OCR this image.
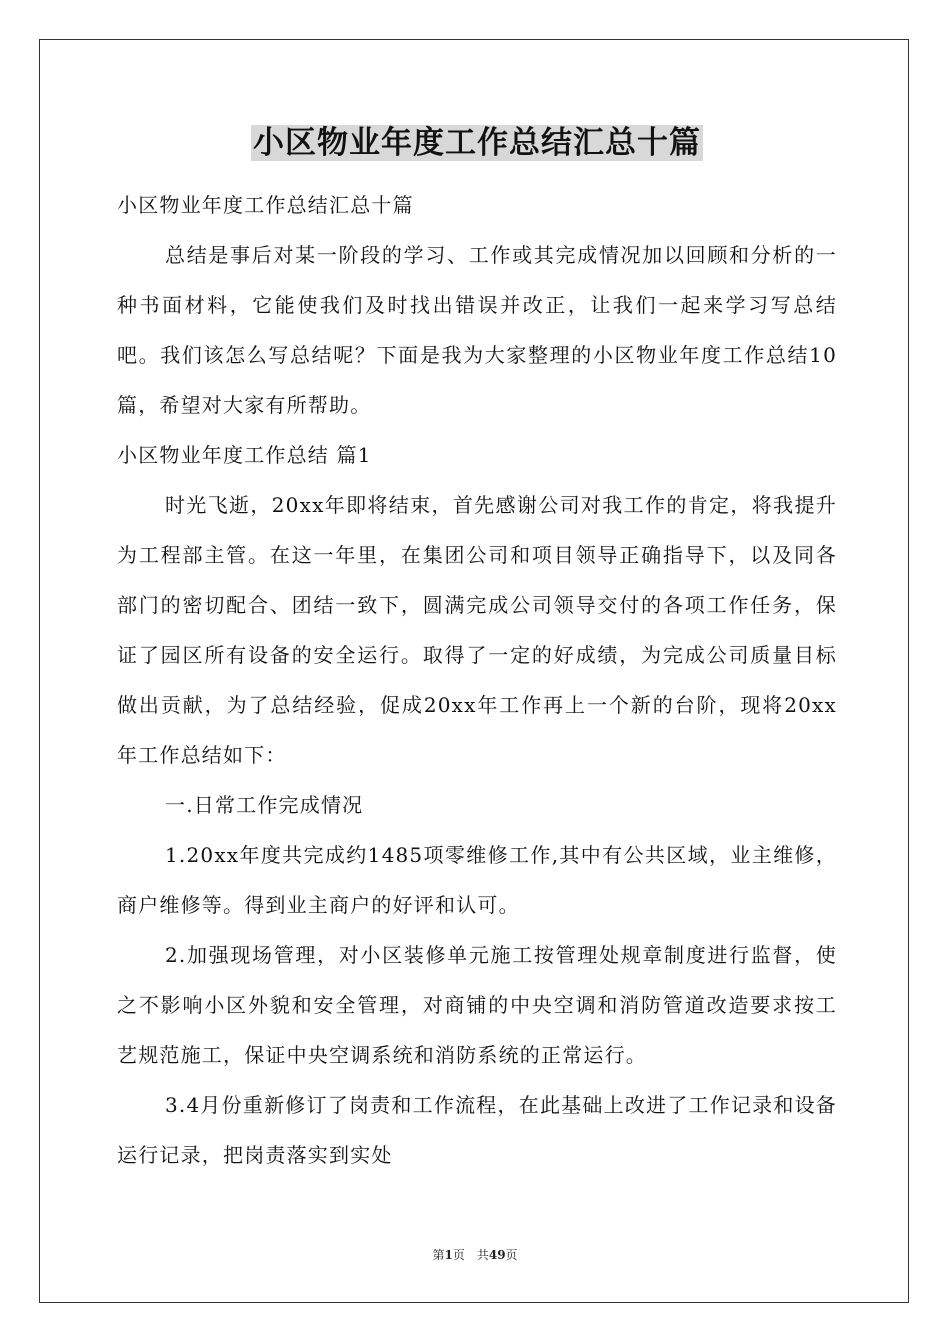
小区物业年度工作总结汇总十篇

小区物业年度工作总结汇总十篇

总结是事后对某一阶段的学习、工作或其完成情况加以回顾和分析的一种书面材料，它能使我们及时找出错误并改正，让我们一起来学习写总结吧。我们该怎么写总结呢？下面是我为大家整理的小区物业年度工作总结10篇，希望对大家有所帮助。

小区物业年度工作总结 篇1

时光飞逝，20xx年即将结束，首先感谢公司对我工作的肯定，将我提升为工程部主管。在这一年里，在集团公司和项目领导正确指导下，以及同各部门的密切配合、团结一致下，圆满完成公司领导交付的各项工作任务，保证了园区所有设备的安全运行。取得了一定的好成绩，为完成公司质量目标做出贡献，为了总结经验，促成20xx年工作再上一个新的台阶，现将20xx年工作总结如下：

一.日常工作完成情况

1.20xx年度共完成约1485项零维修工作,其中有公共区域，业主维修，商户维修等。得到业主商户的好评和认可。

2.加强现场管理，对小区装修单元施工按管理处规章制度进行监督，使之不影响小区外貌和安全管理，对商铺的中央空调和消防管道改造要求按工艺规范施工，保证中央空调系统和消防系统的正常运行。

3.4月份重新修订了岗责和工作流程，在此基础上改进了工作记录和设备运行记录，把岗责落实到实处

第1页 共49页
